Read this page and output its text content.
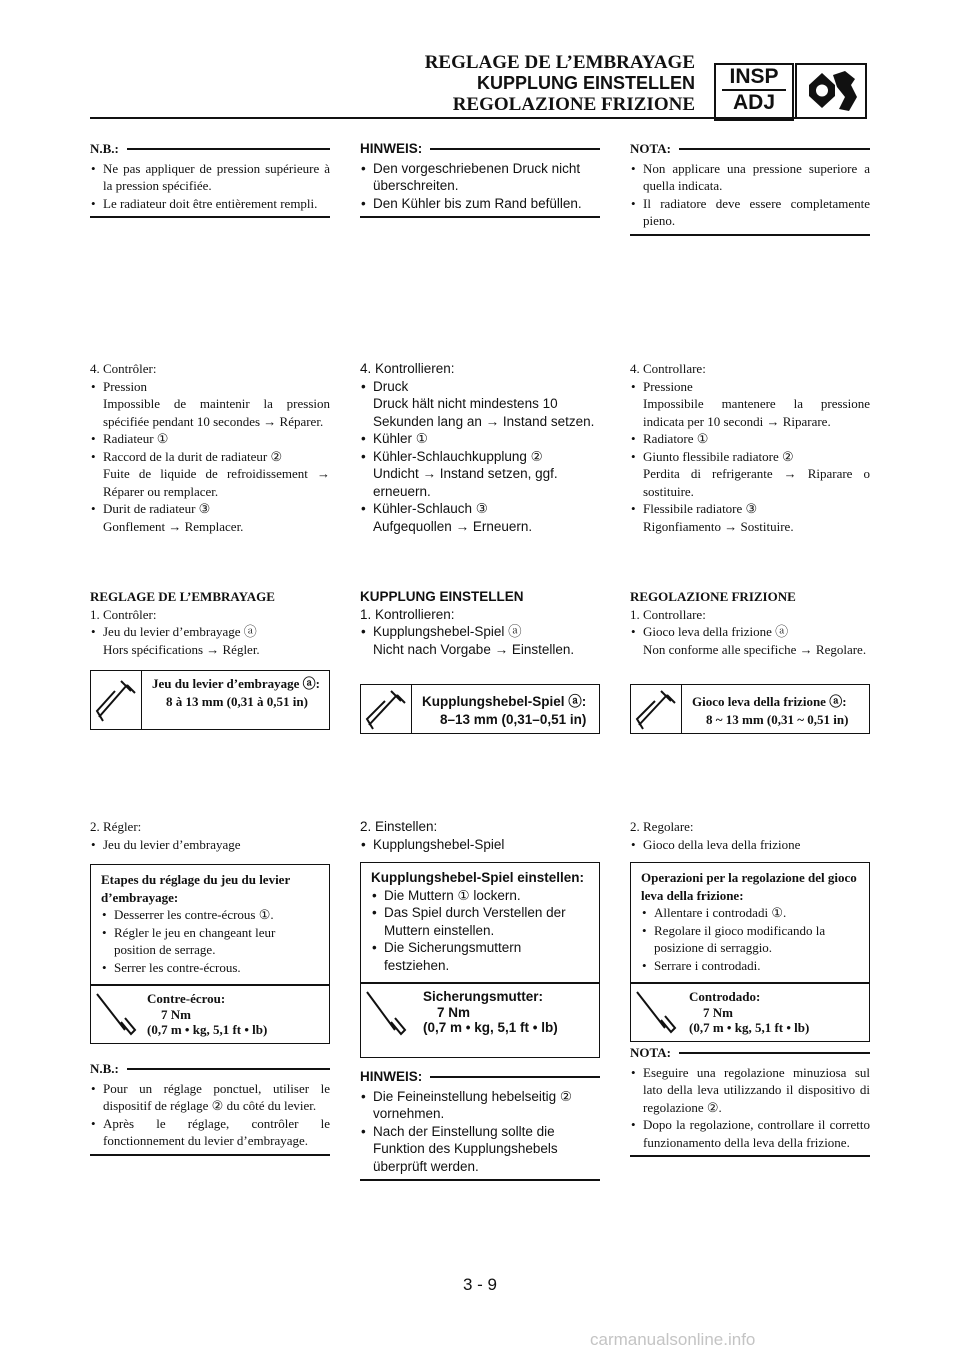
REGLAGE DE L’EMBRAYAGE
KUPPLUNG EINSTELLEN
REGOLAZIONE FRIZIONE
INSP
ADJ
N.B.:
• Ne pas appliquer de pression supérieure à la pression spécifiée.
• Le radiateur doit être entièrement rempli.
4. Contrôler:
• Pression
Impossible de maintenir la pression spécifiée pendant 10 secondes → Réparer.
• Radiateur ①
• Raccord de la durit de radiateur ②
Fuite de liquide de refroidissement → Réparer ou remplacer.
• Durit de radiateur ③
Gonflement → Remplacer.
REGLAGE DE L’EMBRAYAGE
1. Contrôler:
• Jeu du levier d’embrayage ⓐ
Hors spécifications → Régler.
Jeu du levier d’embrayage ⓐ:
8 à 13 mm (0,31 à 0,51 in)
2. Régler:
• Jeu du levier d’embrayage
Etapes du réglage du jeu du levier d’embrayage:
• Desserrer les contre-écrous ①.
• Régler le jeu en changeant leur position de serrage.
• Serrer les contre-écrous.
Contre-écrou:
7 Nm
(0,7 m • kg, 5,1 ft • lb)
N.B.:
• Pour un réglage ponctuel, utiliser le dispositif de réglage ② du côté du levier.
• Après le réglage, contrôler le fonctionnement du levier d’embrayage.
HINWEIS:
• Den vorgeschriebenen Druck nicht überschreiten.
• Den Kühler bis zum Rand befüllen.
4. Kontrollieren:
• Druck
Druck hält nicht mindestens 10 Sekunden lang an → Instand setzen.
• Kühler ①
• Kühler-Schlauchkupplung ②
Undicht → Instand setzen, ggf. erneuern.
• Kühler-Schlauch ③
Aufgequollen → Erneuern.
KUPPLUNG EINSTELLEN
1. Kontrollieren:
• Kupplungshebel-Spiel ⓐ
Nicht nach Vorgabe → Einstellen.
Kupplungshebel-Spiel ⓐ:
8–13 mm (0,31–0,51 in)
2. Einstellen:
• Kupplungshebel-Spiel
Kupplungshebel-Spiel einstellen:
• Die Muttern ① lockern.
• Das Spiel durch Verstellen der Muttern einstellen.
• Die Sicherungsmuttern festziehen.
Sicherungsmutter:
7 Nm
(0,7 m • kg, 5,1 ft • lb)
HINWEIS:
• Die Feineinstellung hebelseitig ② vornehmen.
• Nach der Einstellung sollte die Funktion des Kupplungshebels überprüft werden.
NOTA:
• Non applicare una pressione superiore a quella indicata.
• Il radiatore deve essere completamente pieno.
4. Controllare:
• Pressione
Impossibile mantenere la pressione indicata per 10 secondi → Riparare.
• Radiatore ①
• Giunto flessibile radiatore ②
Perdita di refrigerante → Riparare o sostituire.
• Flessibile radiatore ③
Rigonfiamento → Sostituire.
REGOLAZIONE FRIZIONE
1. Controllare:
• Gioco leva della frizione ⓐ
Non conforme alle specifiche → Regolare.
Gioco leva della frizione ⓐ:
8 ~ 13 mm (0,31 ~ 0,51 in)
2. Regolare:
• Gioco della leva della frizione
Operazioni per la regolazione del gioco leva della frizione:
• Allentare i controdadi ①.
• Regolare il gioco modificando la posizione di serraggio.
• Serrare i controdadi.
Controdado:
7 Nm
(0,7 m • kg, 5,1 ft • lb)
NOTA:
• Eseguire una regolazione minuziosa sul lato della leva utilizzando il dispositivo di regolazione ②.
• Dopo la regolazione, controllare il corretto funzionamento della leva della frizione.
3 - 9
carmanualsonline.info
